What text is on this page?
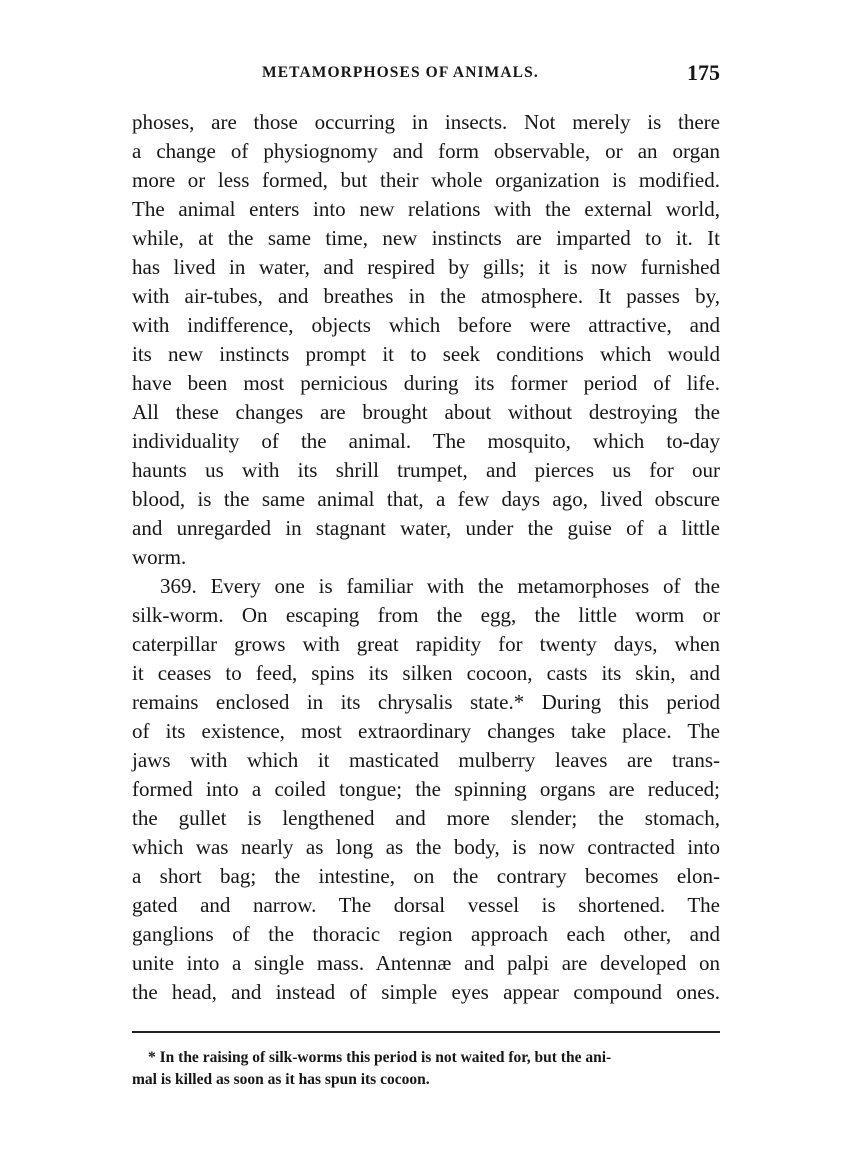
METAMORPHOSES OF ANIMALS.	175
phoses, are those occurring in insects. Not merely is there
a change of physiognomy and form observable, or an organ
more or less formed, but their whole organization is modified.
The animal enters into new relations with the external world,
while, at the same time, new instincts are imparted to it. It
has lived in water, and respired by gills; it is now furnished
with air-tubes, and breathes in the atmosphere. It passes by,
with indifference, objects which before were attractive, and
its new instincts prompt it to seek conditions which would
have been most pernicious during its former period of life.
All these changes are brought about without destroying the
individuality of the animal. The mosquito, which to-day
haunts us with its shrill trumpet, and pierces us for our
blood, is the same animal that, a few days ago, lived obscure
and unregarded in stagnant water, under the guise of a little
worm.
369. Every one is familiar with the metamorphoses of the
silk-worm. On escaping from the egg, the little worm or
caterpillar grows with great rapidity for twenty days, when
it ceases to feed, spins its silken cocoon, casts its skin, and
remains enclosed in its chrysalis state.* During this period
of its existence, most extraordinary changes take place. The
jaws with which it masticated mulberry leaves are trans-
formed into a coiled tongue; the spinning organs are reduced;
the gullet is lengthened and more slender; the stomach,
which was nearly as long as the body, is now contracted into
a short bag; the intestine, on the contrary becomes elon-
gated and narrow. The dorsal vessel is shortened. The
ganglions of the thoracic region approach each other, and
unite into a single mass. Antennæ and palpi are developed on
the head, and instead of simple eyes appear compound ones.
* In the raising of silk-worms this period is not waited for, but the ani-
mal is killed as soon as it has spun its cocoon.
